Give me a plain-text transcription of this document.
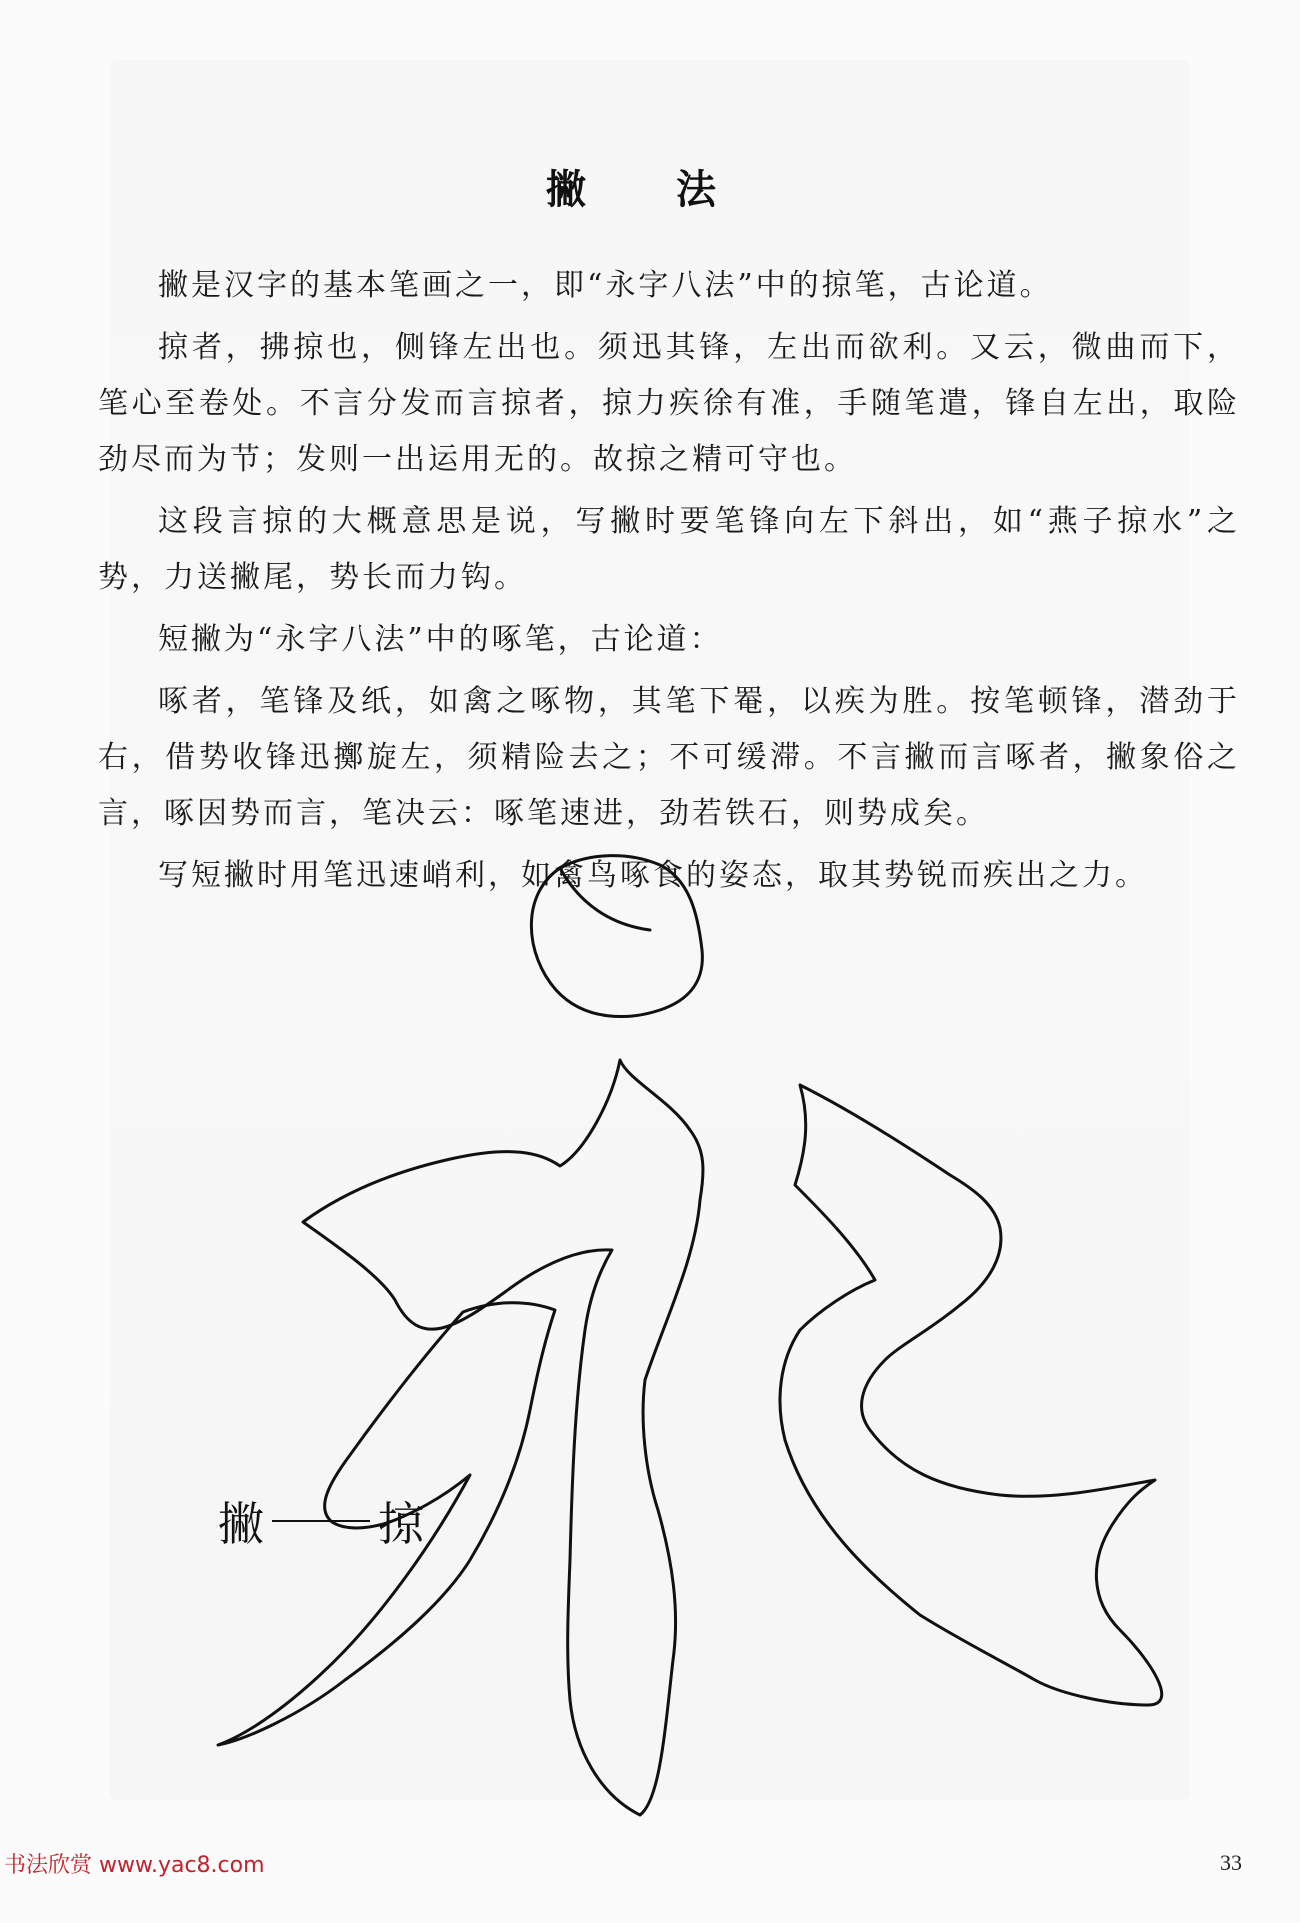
撇 法

撇是汉字的基本笔画之一，即“永字八法”中的掠笔，古论道。

掠者，拂掠也，侧锋左出也。须迅其锋，左出而欲利。又云，微曲而下，笔心至卷处。不言分发而言掠者，掠力疾徐有准，手随笔遣，锋自左出，取险劲尽而为节；发则一出运用无的。故掠之精可守也。

这段言掠的大概意思是说，写撇时要笔锋向左下斜出，如“燕子掠水”之势，力送撇尾，势长而力钩。

短撇为“永字八法”中的啄笔，古论道：

啄者，笔锋及纸，如禽之啄物，其笔下罨，以疾为胜。按笔顿锋，潜劲于右，借势收锋迅擲旋左，须精险去之；不可缓滞。不言撇而言啄者，撇象俗之言，啄因势而言，笔决云：啄笔速进，劲若铁石，则势成矣。

写短撇时用笔迅速峭利，如禽鸟啄食的姿态，取其势锐而疾出之力。

撇 掠
33
书法欣赏 www.yac8.com
